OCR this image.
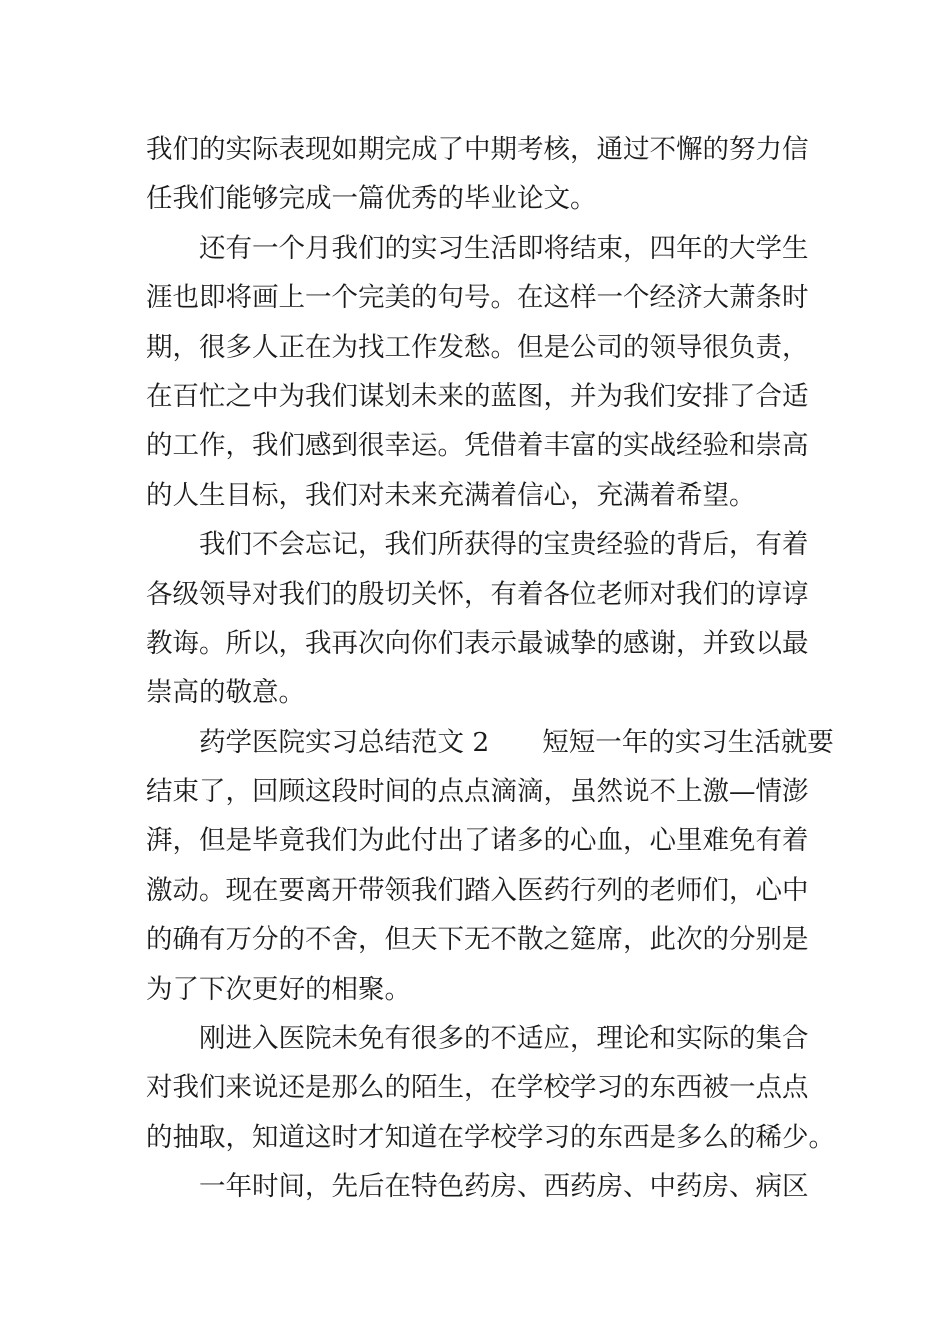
我们的实际表现如期完成了中期考核，通过不懈的努力信
任我们能够完成一篇优秀的毕业论文。
还有一个月我们的实习生活即将结束，四年的大学生
涯也即将画上一个完美的句号。在这样一个经济大萧条时
期，很多人正在为找工作发愁。但是公司的领导很负责，
在百忙之中为我们谋划未来的蓝图，并为我们安排了合适
的工作，我们感到很幸运。凭借着丰富的实战经验和崇高
的人生目标，我们对未来充满着信心，充满着希望。
我们不会忘记，我们所获得的宝贵经验的背后，有着
各级领导对我们的殷切关怀，有着各位老师对我们的谆谆
教诲。所以，我再次向你们表示最诚挚的感谢，并致以最
崇高的敬意。
药学医院实习总结范文 2　　短短一年的实习生活就要
结束了，回顾这段时间的点点滴滴，虽然说不上激—情澎
湃，但是毕竟我们为此付出了诸多的心血，心里难免有着
激动。现在要离开带领我们踏入医药行列的老师们，心中
的确有万分的不舍，但天下无不散之筵席，此次的分别是
为了下次更好的相聚。
刚进入医院未免有很多的不适应，理论和实际的集合
对我们来说还是那么的陌生，在学校学习的东西被一点点
的抽取，知道这时才知道在学校学习的东西是多么的稀少。
一年时间，先后在特色药房、西药房、中药房、病区
